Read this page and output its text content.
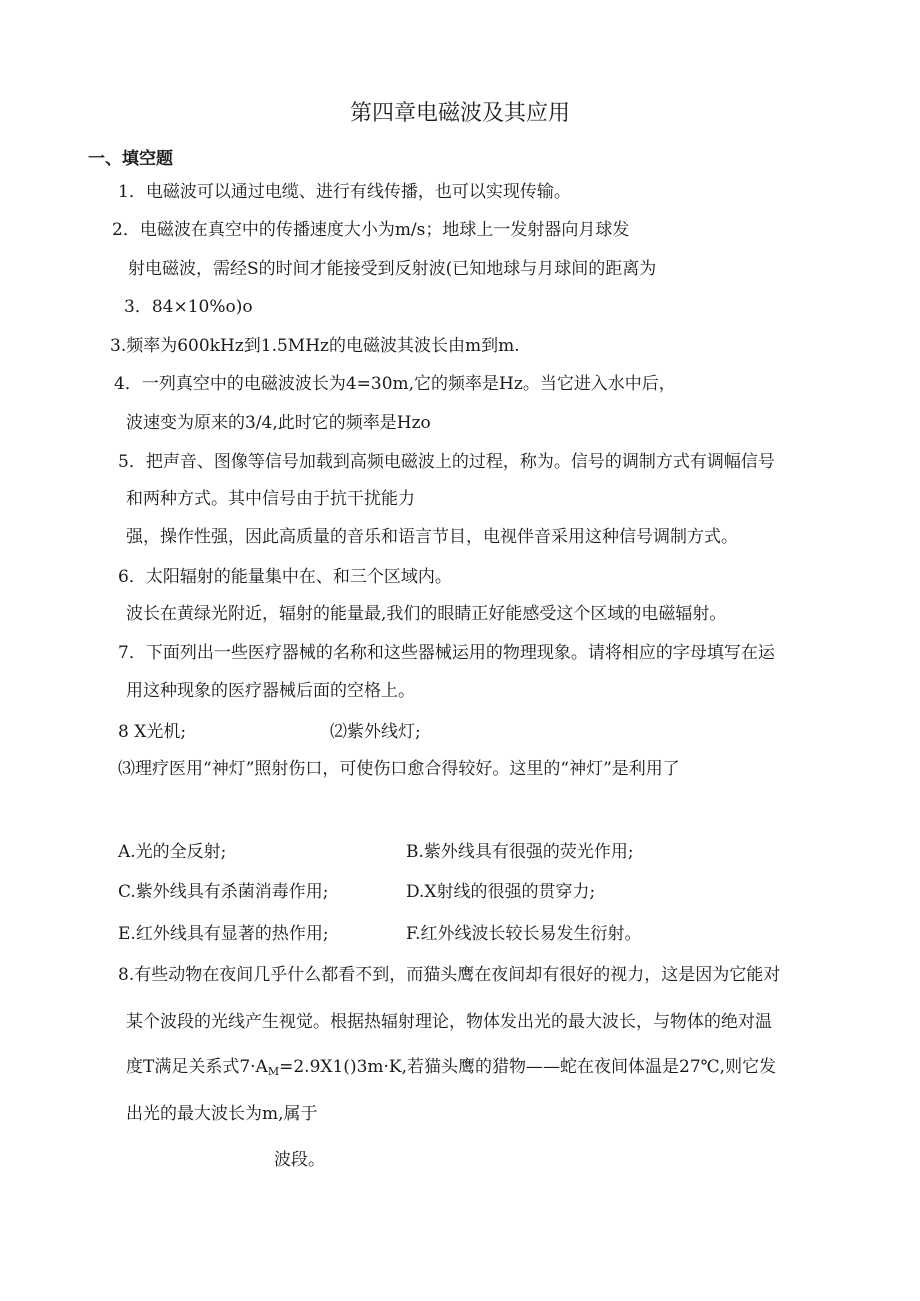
第四章电磁波及其应用
一、填空题
1．电磁波可以通过电缆、进行有线传播，也可以实现传输。
2．电磁波在真空中的传播速度大小为m/s；地球上一发射器向月球发
射电磁波，需经S的时间才能接受到反射波(已知地球与月球间的距离为
3．84×10%o)o
3.频率为600kHz到1.5MHz的电磁波其波长由m到m.
4．一列真空中的电磁波波长为4=30m,它的频率是Hz。当它进入水中后，
波速变为原来的3/4,此时它的频率是Hzo
5．把声音、图像等信号加载到高频电磁波上的过程，称为。信号的调制方式有调幅信号
和两种方式。其中信号由于抗干扰能力
强，操作性强，因此高质量的音乐和语言节目，电视伴音采用这种信号调制方式。
6．太阳辐射的能量集中在、和三个区域内。
波长在黄绿光附近，辐射的能量最,我们的眼睛正好能感受这个区域的电磁辐射。
7．下面列出一些医疗器械的名称和这些器械运用的物理现象。请将相应的字母填写在运
用这种现象的医疗器械后面的空格上。
8 X光机;	⑵紫外线灯;
⑶理疗医用“神灯”照射伤口，可使伤口愈合得较好。这里的“神灯”是利用了
A.光的全反射;	B.紫外线具有很强的荧光作用;
C.紫外线具有杀菌消毒作用;	D.X射线的很强的贯穿力;
E.红外线具有显著的热作用;	F.红外线波长较长易发生衍射。
8.有些动物在夜间几乎什么都看不到，而猫头鹰在夜间却有很好的视力，这是因为它能对
某个波段的光线产生视觉。根据热辐射理论，物体发出光的最大波长，与物体的绝对温
度T满足关系式$7\cdot A_M=2.9X1()3m\cdot K$,若猫头鹰的猎物——蛇在夜间体温是27℃,则它发
出光的最大波长为m,属于
波段。
